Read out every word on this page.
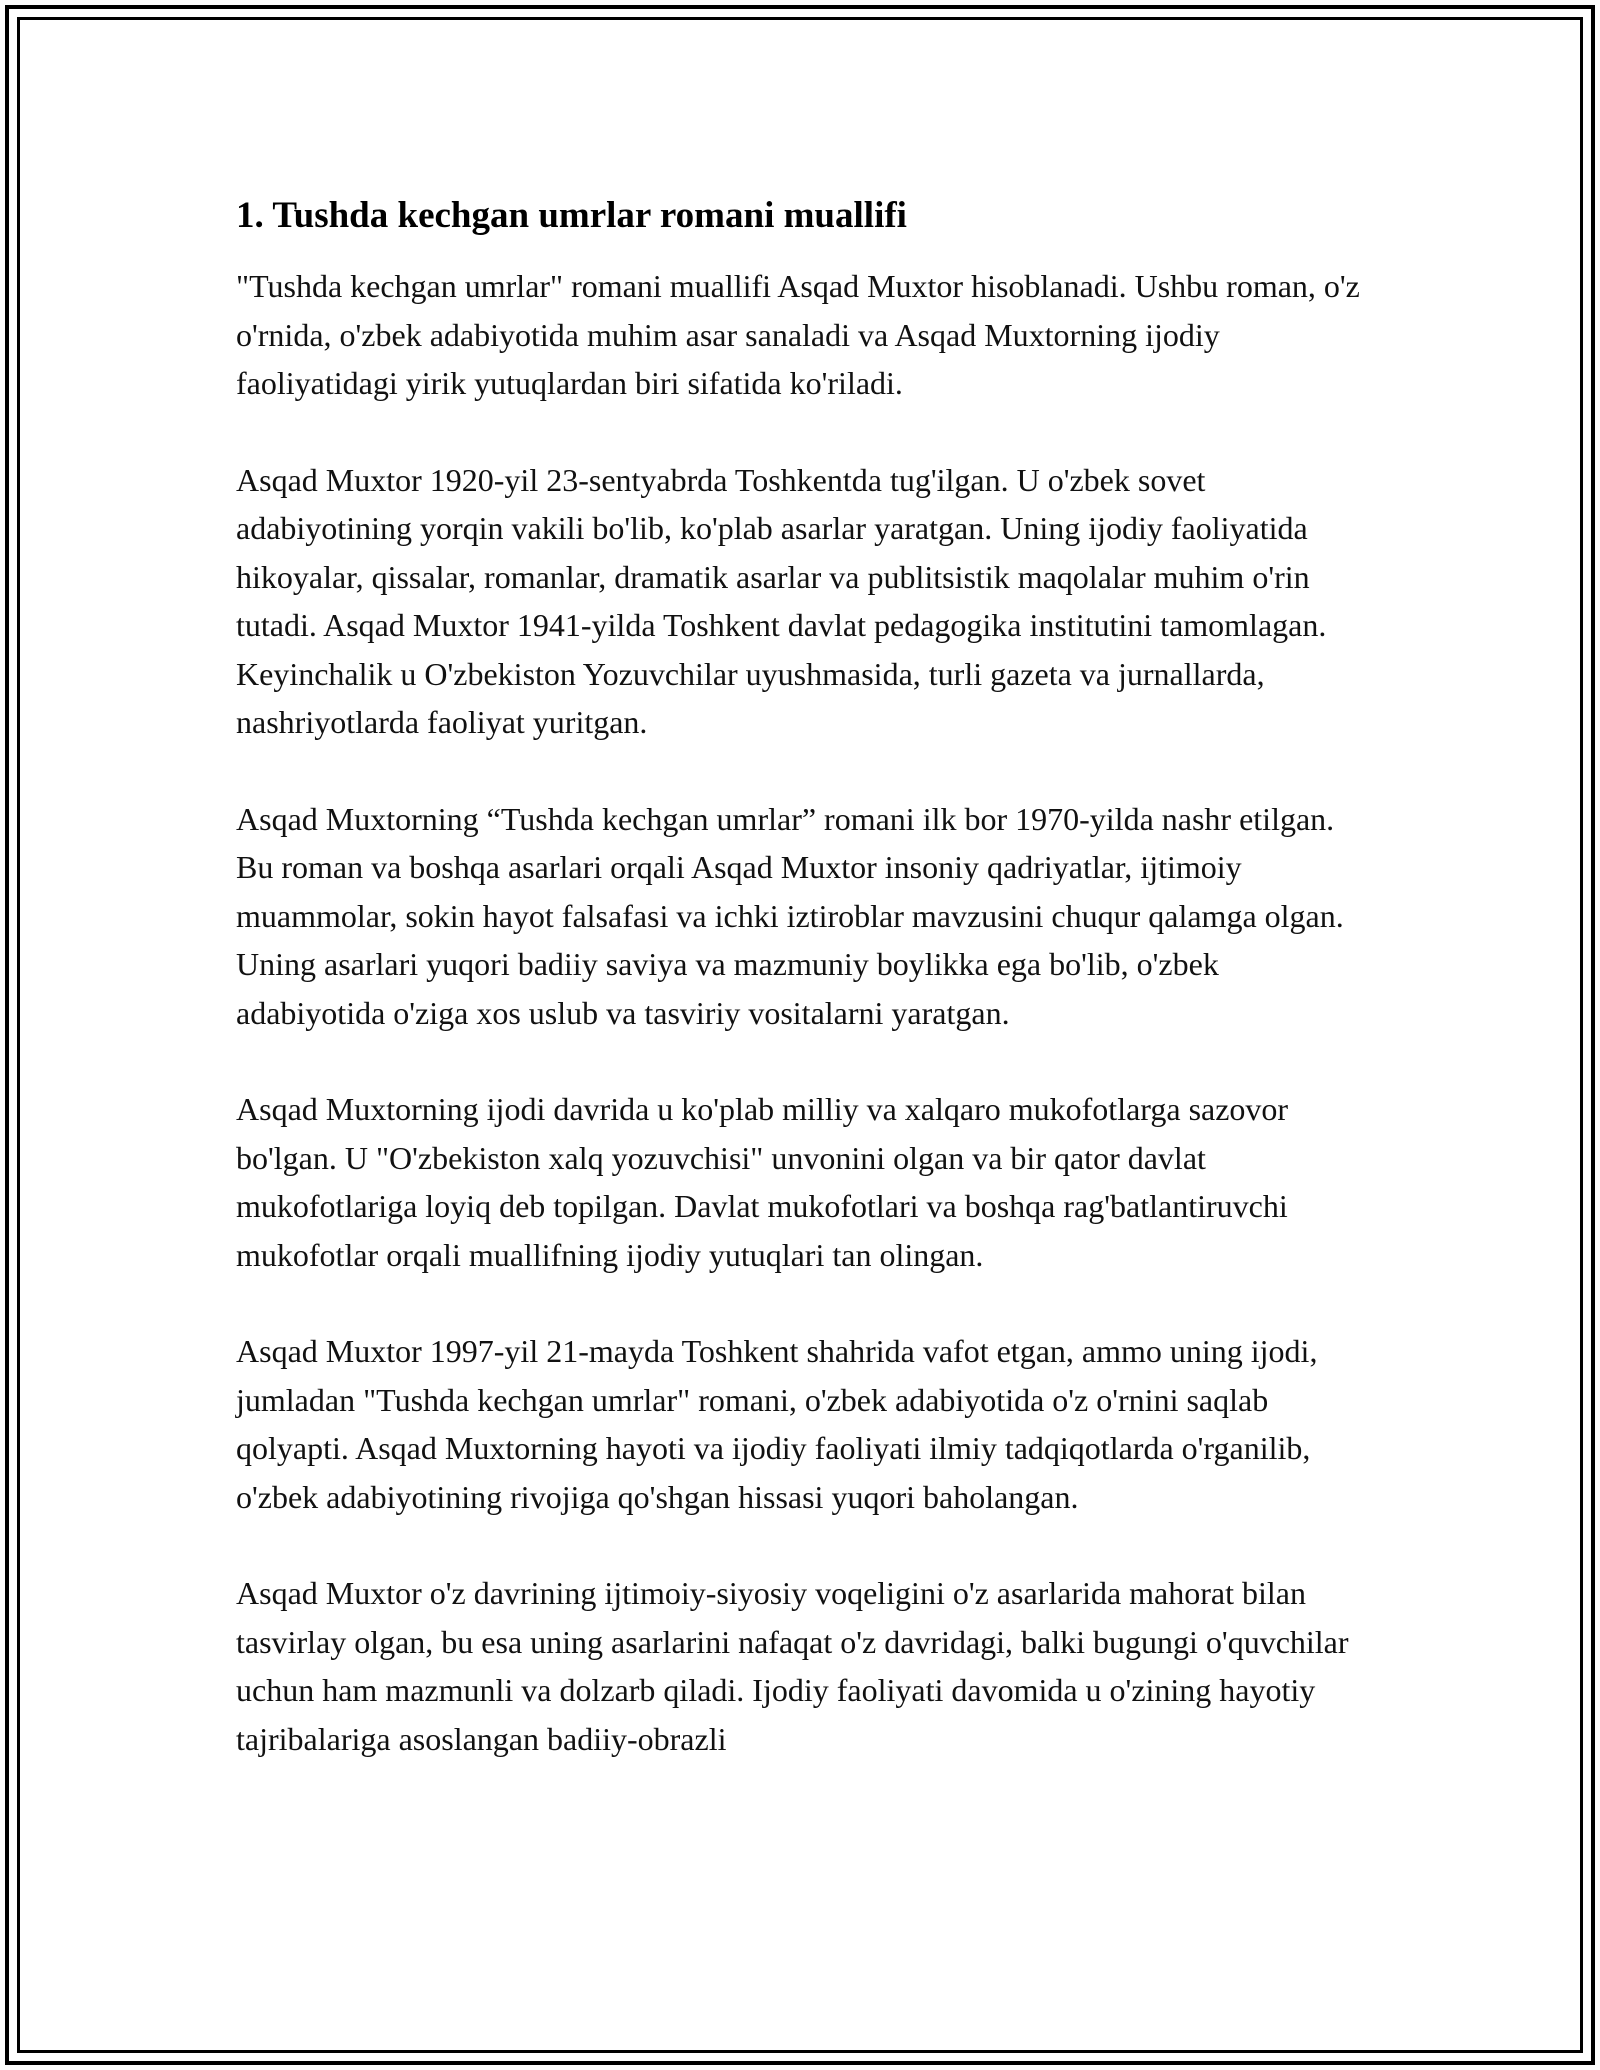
1. Tushda kechgan umrlar romani muallifi

"Tushda kechgan umrlar" romani muallifi Asqad Muxtor hisoblanadi. Ushbu roman, o'z o'rnida, o'zbek adabiyotida muhim asar sanaladi va Asqad Muxtorning ijodiy faoliyatidagi yirik yutuqlardan biri sifatida ko'riladi.

Asqad Muxtor 1920-yil 23-sentyabrda Toshkentda tug'ilgan. U o'zbek sovet adabiyotining yorqin vakili bo'lib, ko'plab asarlar yaratgan. Uning ijodiy faoliyatida hikoyalar, qissalar, romanlar, dramatik asarlar va publitsistik maqolalar muhim o'rin tutadi. Asqad Muxtor 1941-yilda Toshkent davlat pedagogika institutini tamomlagan. Keyinchalik u O'zbekiston Yozuvchilar uyushmasida, turli gazeta va jurnallarda, nashriyotlarda faoliyat yuritgan.

Asqad Muxtorning “Tushda kechgan umrlar” romani ilk bor 1970-yilda nashr etilgan. Bu roman va boshqa asarlari orqali Asqad Muxtor insoniy qadriyatlar, ijtimoiy muammolar, sokin hayot falsafasi va ichki iztiroblar mavzusini chuqur qalamga olgan. Uning asarlari yuqori badiiy saviya va mazmuniy boylikka ega bo'lib, o'zbek adabiyotida o'ziga xos uslub va tasviriy vositalarni yaratgan.

Asqad Muxtorning ijodi davrida u ko'plab milliy va xalqaro mukofotlarga sazovor bo'lgan. U "O'zbekiston xalq yozuvchisi" unvonini olgan va bir qator davlat mukofotlariga loyiq deb topilgan. Davlat mukofotlari va boshqa rag'batlantiruvchi mukofotlar orqali muallifning ijodiy yutuqlari tan olingan.

Asqad Muxtor 1997-yil 21-mayda Toshkent shahrida vafot etgan, ammo uning ijodi, jumladan "Tushda kechgan umrlar" romani, o'zbek adabiyotida o'z o'rnini saqlab qolyapti. Asqad Muxtorning hayoti va ijodiy faoliyati ilmiy tadqiqotlarda o'rganilib, o'zbek adabiyotining rivojiga qo'shgan hissasi yuqori baholangan.

Asqad Muxtor o'z davrining ijtimoiy-siyosiy voqeligini o'z asarlarida mahorat bilan tasvirlay olgan, bu esa uning asarlarini nafaqat o'z davridagi, balki bugungi o'quvchilar uchun ham mazmunli va dolzarb qiladi. Ijodiy faoliyati davomida u o'zining hayotiy tajribalariga asoslangan badiiy-obrazli
